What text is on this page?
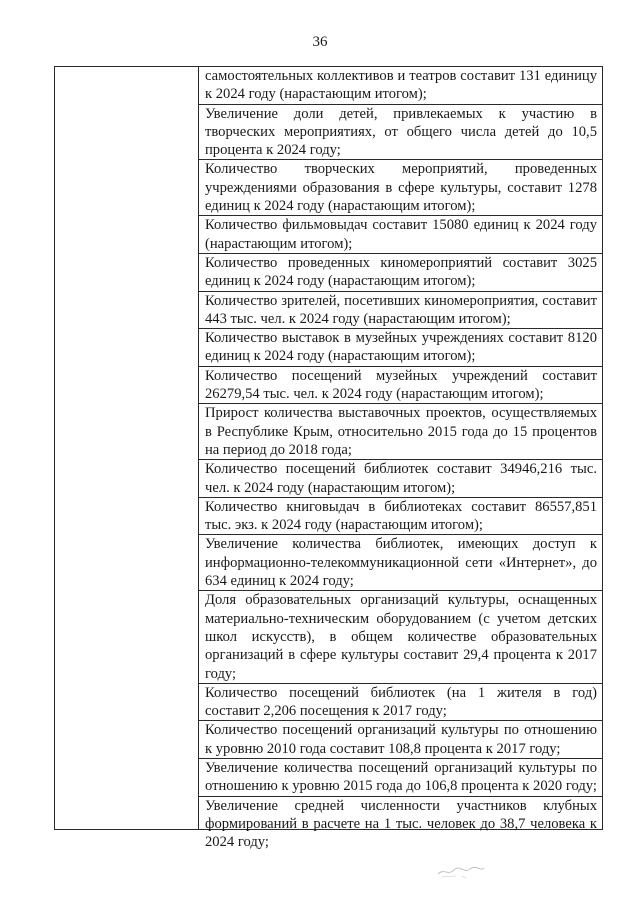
36
самостоятельных коллективов и театров составит 131 единицу к 2024 году (нарастающим итогом);
Увеличение доли детей, привлекаемых к участию в творческих мероприятиях, от общего числа детей до 10,5 процента к 2024 году;
Количество творческих мероприятий, проведенных учреждениями образования в сфере культуры, составит 1278 единиц к 2024 году (нарастающим итогом);
Количество фильмовыдач составит 15080 единиц к 2024 году (нарастающим итогом);
Количество проведенных киномероприятий составит 3025 единиц к 2024 году (нарастающим итогом);
Количество зрителей, посетивших киномероприятия, составит 443 тыс. чел. к 2024 году (нарастающим итогом);
Количество выставок в музейных учреждениях составит 8120 единиц к 2024 году (нарастающим итогом);
Количество посещений музейных учреждений составит 26279,54 тыс. чел. к 2024 году (нарастающим итогом);
Прирост количества выставочных проектов, осуществляемых в Республике Крым, относительно 2015 года до 15 процентов на период до 2018 года;
Количество посещений библиотек составит 34946,216 тыс. чел. к 2024 году (нарастающим итогом);
Количество книговыдач в библиотеках составит 86557,851 тыс. экз. к 2024 году (нарастающим итогом);
Увеличение количества библиотек, имеющих доступ к информационно-телекоммуникационной сети «Интернет», до 634 единиц к 2024 году;
Доля образовательных организаций культуры, оснащенных материально-техническим оборудованием (с учетом детских школ искусств), в общем количестве образовательных организаций в сфере культуры составит 29,4 процента к 2017 году;
Количество посещений библиотек (на 1 жителя в год) составит 2,206 посещения к 2017 году;
Количество посещений организаций культуры по отношению к уровню 2010 года составит 108,8 процента к 2017 году;
Увеличение количества посещений организаций культуры по отношению к уровню 2015 года до 106,8 процента к 2020 году;
Увеличение средней численности участников клубных формирований в расчете на 1 тыс. человек до 38,7 человека к 2024 году;
